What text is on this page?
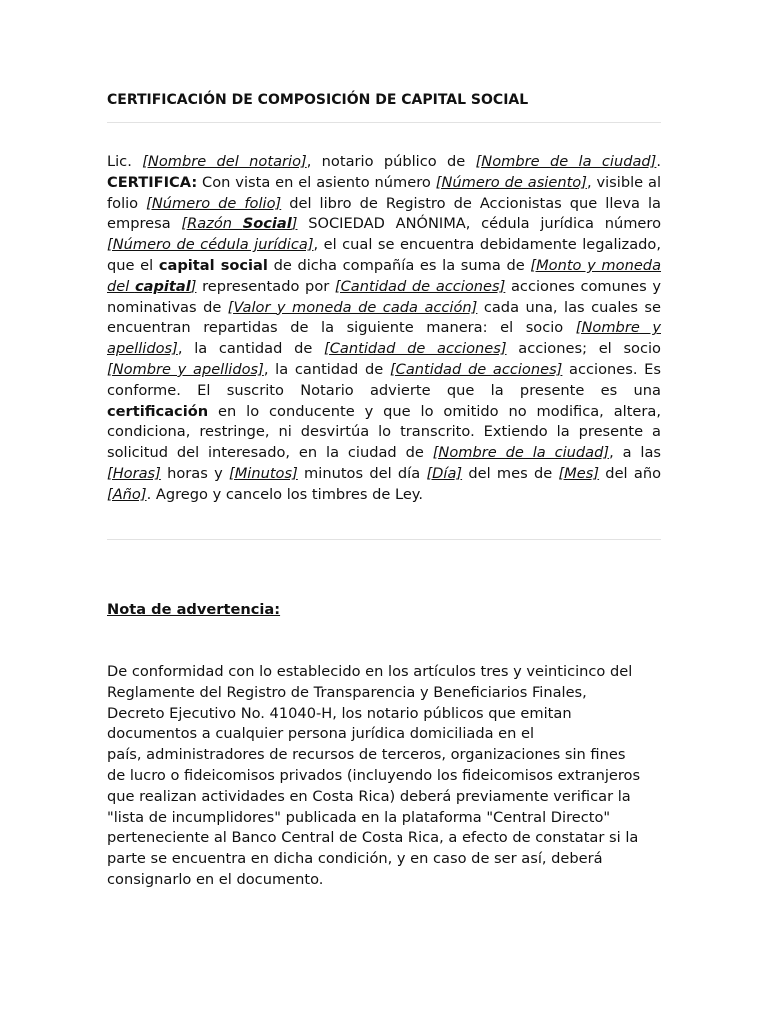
CERTIFICACIÓN DE COMPOSICIÓN DE CAPITAL SOCIAL

Lic. [Nombre del notario], notario público de [Nombre de la ciudad]. CERTIFICA: Con vista en el asiento número [Número de asiento], visible al folio [Número de folio] del libro de Registro de Accionistas que lleva la empresa [Razón Social] SOCIEDAD ANÓNIMA, cédula jurídica número [Número de cédula jurídica], el cual se encuentra debidamente legalizado, que el capital social de dicha compañía es la suma de [Monto y moneda del capital] representado por [Cantidad de acciones] acciones comunes y nominativas de [Valor y moneda de cada acción] cada una, las cuales se encuentran repartidas de la siguiente manera: el socio [Nombre y apellidos], la cantidad de [Cantidad de acciones] acciones; el socio [Nombre y apellidos], la cantidad de [Cantidad de acciones] acciones. Es conforme. El suscrito Notario advierte que la presente es una certificación en lo conducente y que lo omitido no modifica, altera, condiciona, restringe, ni desvirtúa lo transcrito. Extiendo la presente a solicitud del interesado, en la ciudad de [Nombre de la ciudad], a las [Horas] horas y [Minutos] minutos del día [Día] del mes de [Mes] del año [Año]. Agrego y cancelo los timbres de Ley.

Nota de advertencia:

De conformidad con lo establecido en los artículos tres y veinticinco del
Reglamente del Registro de Transparencia y Beneficiarios Finales,
Decreto Ejecutivo No. 41040-H, los notario públicos que emitan
documentos a cualquier persona jurídica domiciliada en el
país, administradores de recursos de terceros, organizaciones sin fines
de lucro o fideicomisos privados (incluyendo los fideicomisos extranjeros
que realizan actividades en Costa Rica) deberá previamente verificar la
"lista de incumplidores" publicada en la plataforma "Central Directo"
perteneciente al Banco Central de Costa Rica, a efecto de constatar si la
parte se encuentra en dicha condición, y en caso de ser así, deberá
consignarlo en el documento.
